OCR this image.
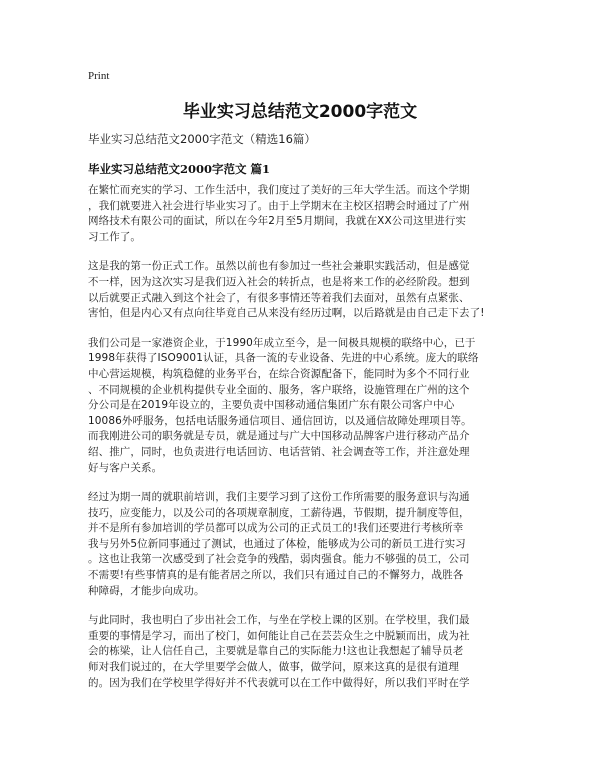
Print
毕业实习总结范文2000字范文
毕业实习总结范文2000字范文（精选16篇）
毕业实习总结范文2000字范文 篇1

在繁忙而充实的学习、工作生活中，我们度过了美好的三年大学生活。而这个学期
，我们就要进入社会进行毕业实习了。由于上学期末在主校区招聘会时通过了广州
网络技术有限公司的面试，所以在今年2月至5月期间，我就在XX公司这里进行实
习工作了。

这是我的第一份正式工作。虽然以前也有参加过一些社会兼职实践活动，但是感觉
不一样，因为这次实习是我们迈入社会的转折点，也是将来工作的必经阶段。想到
以后就要正式融入到这个社会了，有很多事情还等着我们去面对，虽然有点紧张、
害怕，但是内心又有点向往毕竟自己从来没有经历过啊，以后路就是由自己走下去了!

我们公司是一家港资企业，于1990年成立至今，是一间极具规模的联络中心，已于
1998年获得了ISO9001认证，具备一流的专业设备、先进的中心系统。庞大的联络
中心营运规模，构筑稳健的业务平台，在综合资源配备下，能同时为多个不同行业
、不同规模的企业机构提供专业全面的、服务，客户联络，设施管理在广州的这个
分公司是在2019年设立的，主要负责中国移动通信集团广东有限公司客户中心
10086外呼服务，包括电话服务通信项目、通信回访，以及通信故障处理项目等。
而我刚进公司的职务就是专员，就是通过与广大中国移动品牌客户进行移动产品介
绍、推广，同时，也负责进行电话回访、电话营销、社会调查等工作，并注意处理
好与客户关系。

经过为期一周的就职前培训，我们主要学习到了这份工作所需要的服务意识与沟通
技巧，应变能力，以及公司的各项规章制度，工薪待遇，节假期，提升制度等但，
并不是所有参加培训的学员都可以成为公司的正式员工的!我们还要进行考核所幸
我与另外5位新同事通过了测试，也通过了体检，能够成为公司的新员工进行实习
。这也让我第一次感受到了社会竞争的残酷，弱肉强食。能力不够强的员工，公司
不需要!有些事情真的是有能者居之所以，我们只有通过自己的不懈努力，战胜各
种障碍，才能步向成功。

与此同时，我也明白了步出社会工作，与坐在学校上课的区别。在学校里，我们最
重要的事情是学习，而出了校门，如何能让自己在芸芸众生之中脱颖而出，成为社
会的栋梁，让人信任自己，主要就是靠自己的实际能力!这也让我想起了辅导员老
师对我们说过的，在大学里要学会做人，做事，做学问，原来这真的是很有道理
的。因为我们在学校里学得好并不代表就可以在工作中做得好，所以我们平时在学
